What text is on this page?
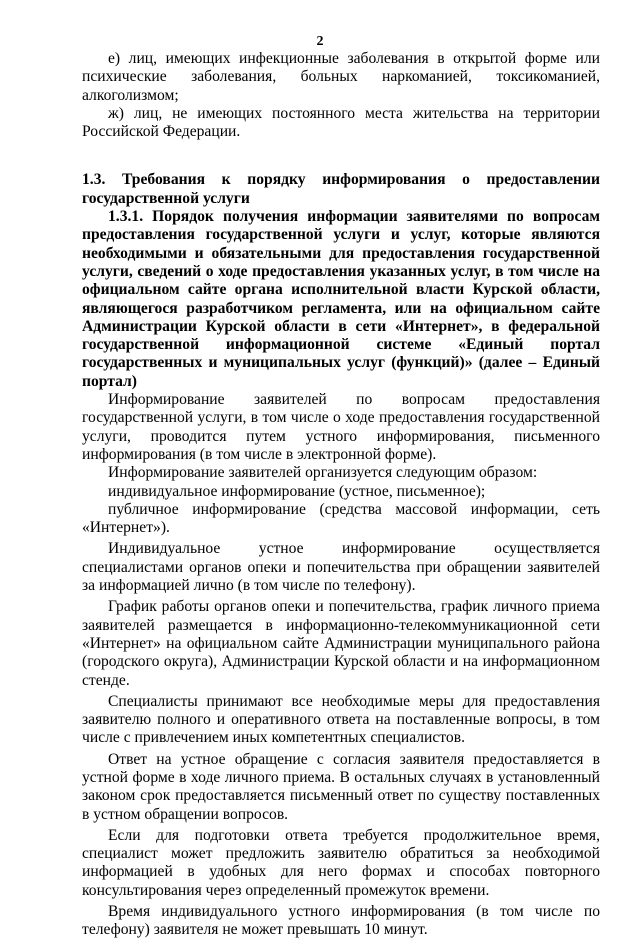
2

е) лиц, имеющих инфекционные заболевания в открытой форме или психические заболевания, больных наркоманией, токсикоманией, алкоголизмом;

ж) лиц, не имеющих постоянного места жительства на территории Российской Федерации.

1.3. Требования к порядку информирования о предоставлении государственной услуги

1.3.1. Порядок получения информации заявителями по вопросам предоставления государственной услуги и услуг, которые являются необходимыми и обязательными для предоставления государственной услуги, сведений о ходе предоставления указанных услуг, в том числе на официальном сайте органа исполнительной власти Курской области, являющегося разработчиком регламента, или на официальном сайте Администрации Курской области в сети «Интернет», в федеральной государственной информационной системе «Единый портал государственных и муниципальных услуг (функций)» (далее – Единый портал)

Информирование заявителей по вопросам предоставления государственной услуги, в том числе о ходе предоставления государственной услуги, проводится путем устного информирования, письменного информирования (в том числе в электронной форме).

Информирование заявителей организуется следующим образом:

индивидуальное информирование (устное, письменное);

публичное информирование (средства массовой информации, сеть «Интернет»).

Индивидуальное устное информирование осуществляется специалистами органов опеки и попечительства при обращении заявителей за информацией лично (в том числе по телефону).

График работы органов опеки и попечительства, график личного приема заявителей размещается в информационно-телекоммуникационной сети «Интернет» на официальном сайте Администрации муниципального района (городского округа), Администрации Курской области и на информационном стенде.

Специалисты принимают все необходимые меры для предоставления заявителю полного и оперативного ответа на поставленные вопросы, в том числе с привлечением иных компетентных специалистов.

Ответ на устное обращение с согласия заявителя предоставляется в устной форме в ходе личного приема. В остальных случаях в установленный законом срок предоставляется письменный ответ по существу поставленных в устном обращении вопросов.

Если для подготовки ответа требуется продолжительное время, специалист может предложить заявителю обратиться за необходимой информацией в удобных для него формах и способах повторного консультирования через определенный промежуток времени.

Время индивидуального устного информирования (в том числе по телефону) заявителя не может превышать 10 минут.
